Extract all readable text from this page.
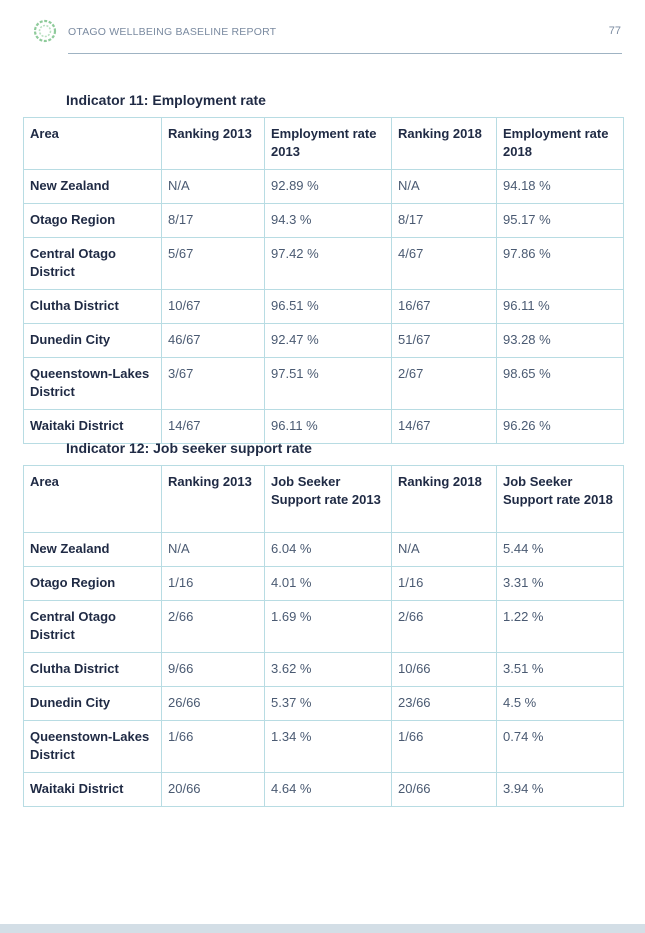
OTAGO WELLBEING BASELINE REPORT	77
Indicator 11: Employment rate
Area	Ranking 2013	Employment rate 2013	Ranking 2018	Employment rate 2018
New Zealand	N/A	92.89 %	N/A	94.18 %
Otago Region	8/17	94.3 %	8/17	95.17 %
Central Otago District	5/67	97.42 %	4/67	97.86 %
Clutha District	10/67	96.51 %	16/67	96.11 %
Dunedin City	46/67	92.47 %	51/67	93.28 %
Queenstown-Lakes District	3/67	97.51 %	2/67	98.65 %
Waitaki District	14/67	96.11 %	14/67	96.26 %
Indicator 12: Job seeker support rate
Area	Ranking 2013	Job Seeker Support rate 2013	Ranking 2018	Job Seeker Support rate 2018
New Zealand	N/A	6.04 %	N/A	5.44 %
Otago Region	1/16	4.01 %	1/16	3.31 %
Central Otago District	2/66	1.69 %	2/66	1.22 %
Clutha District	9/66	3.62 %	10/66	3.51 %
Dunedin City	26/66	5.37 %	23/66	4.5 %
Queenstown-Lakes District	1/66	1.34 %	1/66	0.74 %
Waitaki District	20/66	4.64 %	20/66	3.94 %
